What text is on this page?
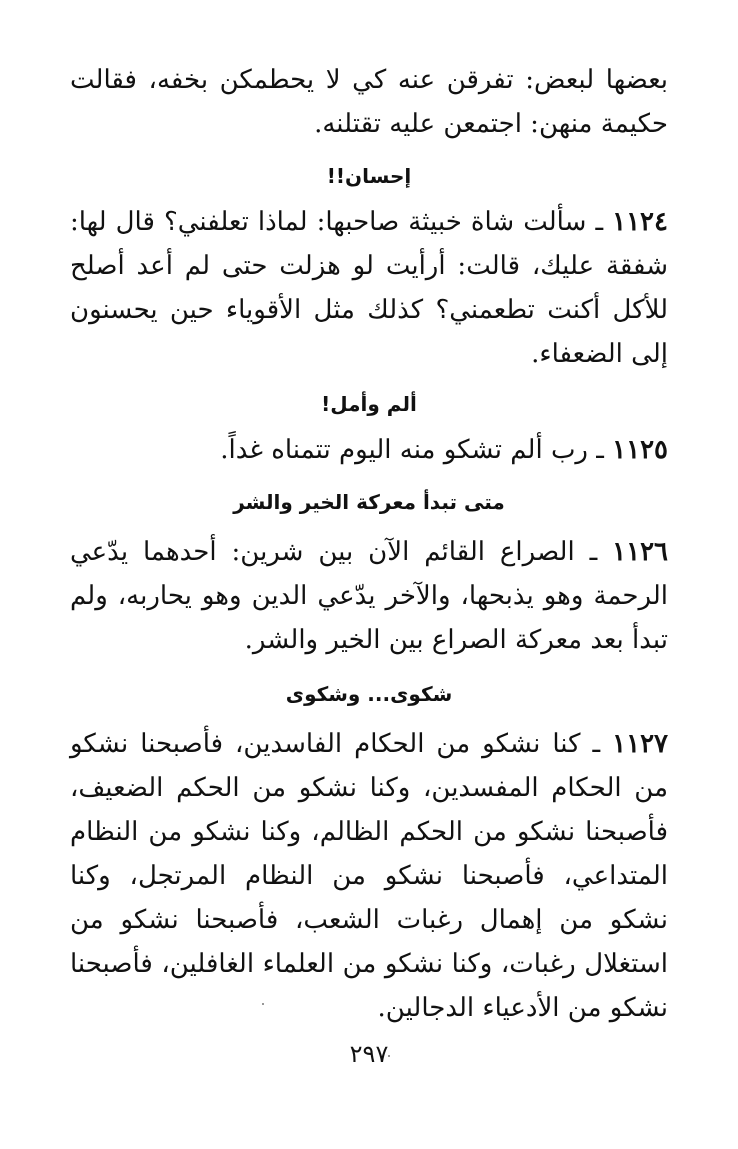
بعضها لبعض: تفرقن عنه كي لا يحطمكن بخفه، فقالت حكيمة منهن: اجتمعن عليه تقتلنه.

إحسان!!

١١٢٤ ـ سألت شاة خبيثة صاحبها: لماذا تعلفني؟ قال لها: شفقة عليك، قالت: أرأيت لو هزلت حتى لم أعد أصلح للأكل أكنت تطعمني؟ كذلك مثل الأقوياء حين يحسنون إلى الضعفاء.

ألم وأمل!

١١٢٥ ـ رب ألم تشكو منه اليوم تتمناه غداً.

متى تبدأ معركة الخير والشر

١١٢٦ ـ الصراع القائم الآن بين شرين: أحدهما يدّعي الرحمة وهو يذبحها، والآخر يدّعي الدين وهو يحاربه، ولم تبدأ بعد معركة الصراع بين الخير والشر.

شكوى... وشكوى

١١٢٧ ـ كنا نشكو من الحكام الفاسدين، فأصبحنا نشكو من الحكام المفسدين، وكنا نشكو من الحكم الضعيف، فأصبحنا نشكو من الحكم الظالم، وكنا نشكو من النظام المتداعي، فأصبحنا نشكو من النظام المرتجل، وكنا نشكو من إهمال رغبات الشعب، فأصبحنا نشكو من استغلال رغبات، وكنا نشكو من العلماء الغافلين، فأصبحنا نشكو من الأدعياء الدجالين.

٢٩٧
